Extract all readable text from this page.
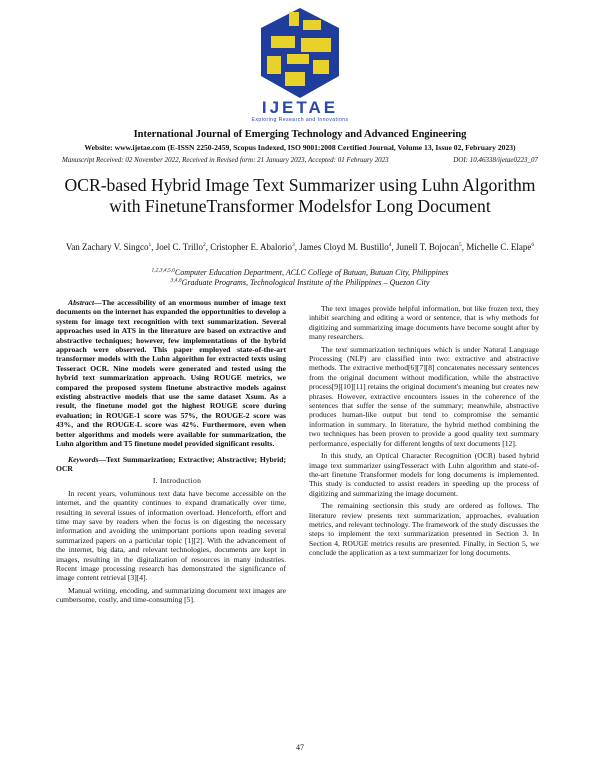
IJETAE
Exploring Research and Innovations
International Journal of Emerging Technology and Advanced Engineering
Website: www.ijetae.com (E-ISSN 2250-2459, Scopus Indexed, ISO 9001:2008 Certified Journal, Volume 13, Issue 02, February 2023)
Manuscript Received: 02 November 2022, Received in Revised form: 21 January 2023, Accepted: 01 February 2023	DOI: 10.46338/ijetae0223_07
OCR-based Hybrid Image Text Summarizer using Luhn Algorithm with FinetuneTransformer Modelsfor Long Document
Van Zachary V. Singco$^1$, Joel C. Trillo$^2$, Cristopher E. Abalorio$^3$, James Cloyd M. Bustillo$^4$, Junell T. Bojocan$^5$, Michelle C. Elape$^6$
$^{1,2,3,4,5,6}$Computer Education Department, ACLC College of Butuan, Butuan City, Philippines
$^{3,4,6}$Graduate Programs, Technological Institute of the Philippines – Quezon City

Abstract—The accessibility of an enormous number of image text documents on the internet has expanded the opportunities to develop a system for image text recognition with text summarization. Several approaches used in ATS in the literature are based on extractive and abstractive techniques; however, few implementations of the hybrid approach were observed. This paper employed state-of-the-art transformer models with the Luhn algorithm for extracted texts using Tesseract OCR. Nine models were generated and tested using the hybrid text summarization approach. Using ROUGE metrics, we compared the proposed system finetune abstractive models against existing abstractive models that use the same dataset Xsum. As a result, the finetune model got the highest ROUGE score during evaluation; in ROUGE-1 score was 57%, the ROUGE-2 score was 43%, and the ROUGE-L score was 42%. Furthermore, even when better algorithms and models were available for summarization, the Luhn algorithm and T5 finetune model provided significant results.

Keywords—Text Summarization; Extractive; Abstractive; Hybrid; OCR

I. Introduction

In recent years, voluminous text data have become accessible on the internet, and the quantity continues to expand dramatically over time, resulting in several issues of information overload. Henceforth, effort and time may save by readers when the focus is on digesting the necessary information and avoiding the unimportant portions upon reading several summarized papers on a particular topic [1][2]. With the advancement of the internet, big data, and relevant technologies, documents are kept in images, resulting in the digitalization of resources in many industries. Recent image processing research has demonstrated the significance of image content retrieval [3][4].

Manual writing, encoding, and summarizing document text images are cumbersome, costly, and time-consuming [5].

The text images provide helpful information, but like frozen text, they inhibit searching and editing a word or sentence, that is why methods for digitizing and summarizing image documents have become sought after by many researchers.

The text summarization techniques which is under Natural Language Processing (NLP) are classified into two: extractive and abstractive methods. The extractive method[6][7][8] concatenates necessary sentences from the original document without modification, while the abstractive process[9][10][11] retains the original document's meaning but creates new phrases. However, extractive encounters issues in the coherence of the sentences that suffer the sense of the summary; meanwhile, abstractive produces human-like output but tend to compromise the semantic information in summary. In literature, the hybrid method combining the two techniques has been proven to provide a good quality text summary performance, especially for different lengths of text documents [12].

In this study, an Optical Character Recognition (OCR) based hybrid image text summarizer usingTesseract with Luhn algorithm and state-of-the-art finetune Transformer models for long documents is implemented. This study is conducted to assist readers in speeding up the process of digitizing and summarizing the image document.

The remaining sectionsin this study are ordered as follows. The literature review presents text summarization, approaches, evaluation metrics, and relevant technology. The framework of the study discusses the steps to implement the text summarization presented in Section 3. In Section 4, ROUGE metrics results are presented. Finally, in Section 5, we conclude the application as a text summarizer for long documents.

47
